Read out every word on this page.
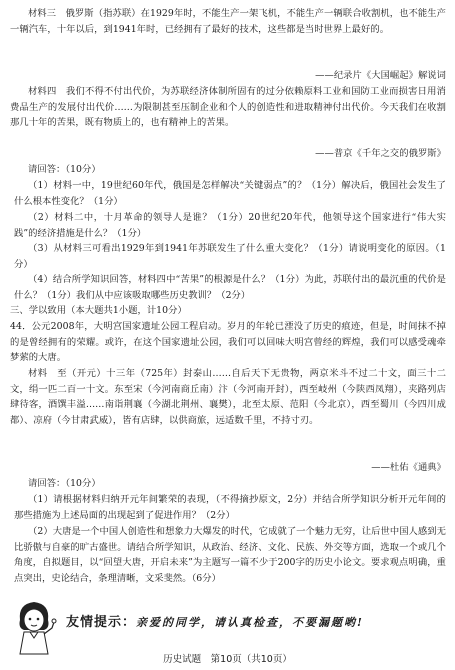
材料三　俄罗斯（指苏联）在1929年时，不能生产一架飞机，不能生产一辆联合收割机，也不能生产一辆汽车，十年以后，到1941年时，已经拥有了最好的技术，这些都是当时世界上最好的。

——纪录片《大国崛起》解说词

材料四　我们不得不付出代价，为苏联经济体制所固有的过分依赖原料工业和国防工业而损害日用消费品生产的发展付出代价……为限制甚至压制企业和个人的创造性和进取精神付出代价。今天我们在收割那几十年的苦果，既有物质上的，也有精神上的苦果。

——普京《千年之交的俄罗斯》

请回答：（10分）

（1）材料一中，19世纪60年代，俄国是怎样解决“关键弱点”的？（1分）解决后，俄国社会发生了什么根本性变化？（1分）

（2）材料二中，十月革命的领导人是谁？（1分）20世纪20年代，他领导这个国家进行“伟大实践”的经济措施是什么？（1分）

（3）从材料三可看出1929年到1941年苏联发生了什么重大变化？（1分）请说明变化的原因。（1分）

（4）结合所学知识回答，材料四中“苦果”的根源是什么？（1分）为此，苏联付出的最沉重的代价是什么？（1分）我们从中应该吸取哪些历史教训？（2分）

三、学以致用（本大题共1小题，计10分）

44．公元2008年，大明宫国家遗址公园工程启动。岁月的年轮已湮没了历史的痕迹，但是，时间抹不掉的是曾经拥有的荣耀。或许，在这个国家遗址公园，我们可以回味大明宫曾经的辉煌，我们可以感受魂牵梦萦的大唐。

材料　至（开元）十三年（725年）封泰山……自后天下无贵物，两京米斗不过二十文，面三十二文，绢一匹二百一十文。东至宋（今河南商丘南）汴（今河南开封），西至岐州（今陕西凤翔），夹路列店肆待客，酒馔丰溢……南诣荆襄（今湖北荆州、襄樊），北至太原、范阳（今北京），西至蜀川（今四川成都）、凉府（今甘肃武威），皆有店肆，以供商旅，远适数千里，不持寸刃。

——杜佑《通典》

请回答：（10分）

（1）请根据材料归纳开元年间繁荣的表现，（不得摘抄原文，2分）并结合所学知识分析开元年间的那些措施为上述局面的出现起到了促进作用？（2分）

（2）大唐是一个中国人创造性和想象力大爆发的时代，它成就了一个魅力无穷，让后世中国人感到无比骄傲与自豪的旷古盛世。请结合所学知识，从政治、经济、文化、民族、外交等方面，选取一个或几个角度，自拟题目，以“回望大唐，开启未来”为主题写一篇不少于200字的历史小论文。要求观点明确，重点突出，史论结合，条理清晰，文采斐然。（6分）

友情提示：亲爱的同学，请认真检查，不要漏题哟!
历史试题　第10页（共10页）
